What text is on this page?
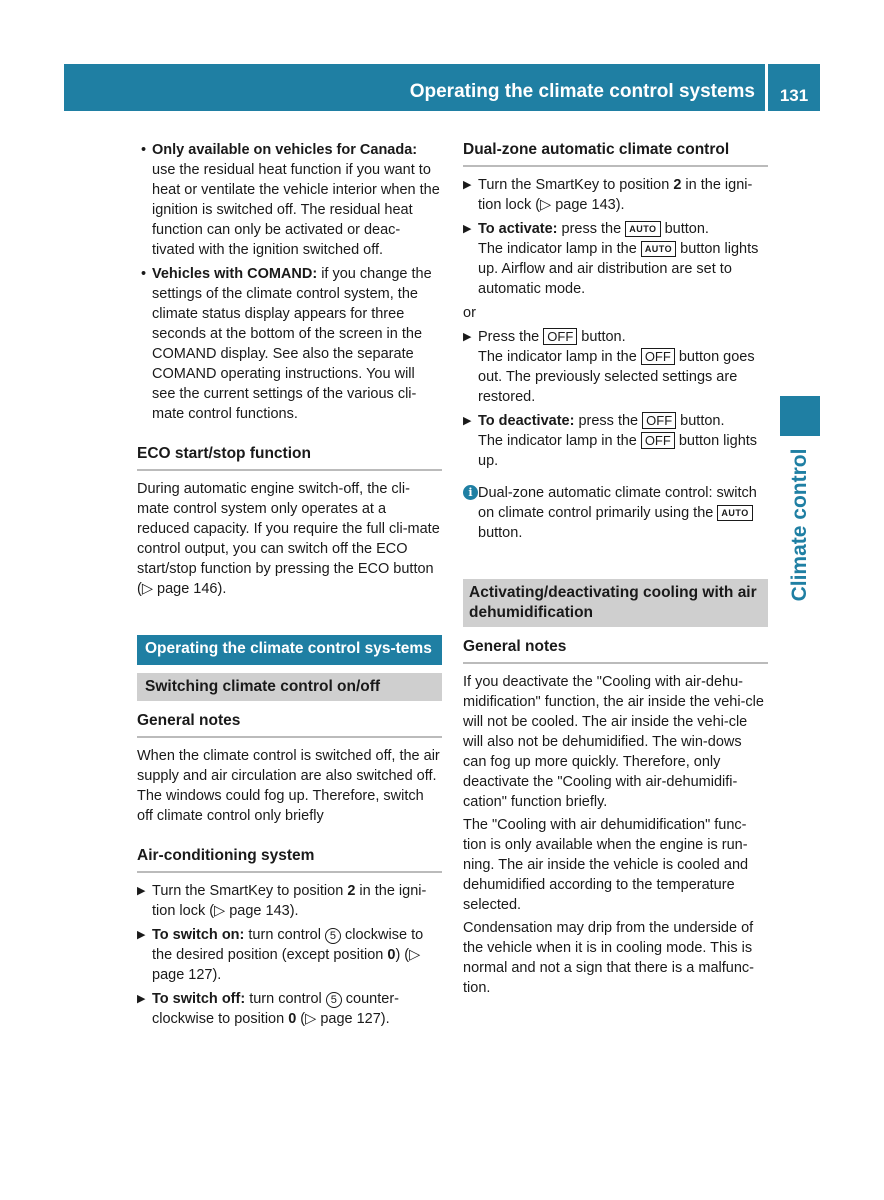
Operating the climate control systems	131
Climate control
• Only available on vehicles for Canada: use the residual heat function if you want to heat or ventilate the vehicle interior when the ignition is switched off. The residual heat function can only be activated or deac-tivated with the ignition switched off.
• Vehicles with COMAND: if you change the settings of the climate control system, the climate status display appears for three seconds at the bottom of the screen in the COMAND display. See also the separate COMAND operating instructions. You will see the current settings of the various cli-mate control functions.
ECO start/stop function

During automatic engine switch-off, the cli-mate control system only operates at a reduced capacity. If you require the full cli-mate control output, you can switch off the ECO start/stop function by pressing the ECO button (▷ page 146).

Operating the climate control sys-tems
Switching climate control on/off
General notes

When the climate control is switched off, the air supply and air circulation are also switched off. The windows could fog up. Therefore, switch off climate control only briefly

Air-conditioning system
▶ Turn the SmartKey to position 2 in the igni-tion lock (▷ page 143).
▶ To switch on: turn control 5 clockwise to the desired position (except position 0) (▷ page 127).
▶ To switch off: turn control 5 counter-clockwise to position 0 (▷ page 127).
Dual-zone automatic climate control
▶ Turn the SmartKey to position 2 in the igni-tion lock (▷ page 143).
▶ To activate: press the AUTO button.
The indicator lamp in the AUTO button lights up. Airflow and air distribution are set to automatic mode.

or

▶ Press the OFF button.
The indicator lamp in the OFF button goes out. The previously selected settings are restored.
▶ To deactivate: press the OFF button.
The indicator lamp in the OFF button lights up.
i Dual-zone automatic climate control: switch on climate control primarily using the AUTO button.
Activating/deactivating cooling with air dehumidification
General notes

If you deactivate the "Cooling with air-dehu-midification" function, the air inside the vehi-cle will not be cooled. The air inside the vehi-cle will also not be dehumidified. The win-dows can fog up more quickly. Therefore, only deactivate the "Cooling with air-dehumidifi-cation" function briefly.

The "Cooling with air dehumidification" func-tion is only available when the engine is run-ning. The air inside the vehicle is cooled and dehumidified according to the temperature selected.

Condensation may drip from the underside of the vehicle when it is in cooling mode. This is normal and not a sign that there is a malfunc-tion.
